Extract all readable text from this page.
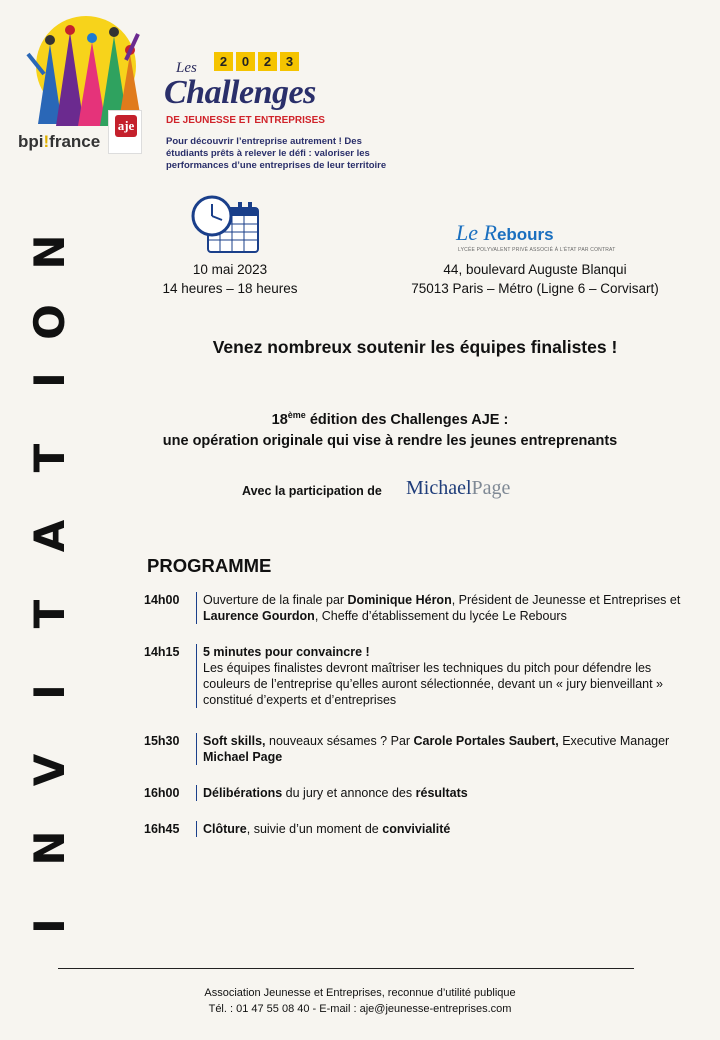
I
N
V
I
T
A
T
I
O
N
bpi!france
aje
Les	2	0	2	3
Challenges
DE JEUNESSE ET ENTREPRISES
Pour découvrir l’entreprise autrement ! Des étudiants prêts à relever le défi : valoriser les performances d’une entreprises de leur territoire
10 mai 2023
14 heures – 18 heures
Le Rebours
LYCÉE POLYVALENT PRIVÉ ASSOCIÉ À L’ÉTAT PAR CONTRAT
44, boulevard Auguste Blanqui
75013 Paris – Métro (Ligne 6 – Corvisart)
Venez nombreux soutenir les équipes finalistes !
18ème édition des Challenges AJE :
une opération originale qui vise à rendre les jeunes entreprenants
Avec la participation de MichaelPage
PROGRAMME
14h00	Ouverture de la finale par Dominique Héron, Président de Jeunesse et Entreprises et Laurence Gourdon, Cheffe d’établissement du lycée Le Rebours
14h15	5 minutes pour convaincre !
Les équipes finalistes devront maîtriser les techniques du pitch pour défendre les couleurs de l’entreprise qu’elles auront sélectionnée, devant un « jury bienveillant » constitué d’experts et d’entreprises
15h30	Soft skills, nouveaux sésames ? Par Carole Portales Saubert, Executive Manager Michael Page
16h00	Délibérations du jury et annonce des résultats
16h45	Clôture, suivie d’un moment de convivialité
Association Jeunesse et Entreprises, reconnue d’utilité publique
Tél. : 01 47 55 08 40 - E-mail : aje@jeunesse-entreprises.com
